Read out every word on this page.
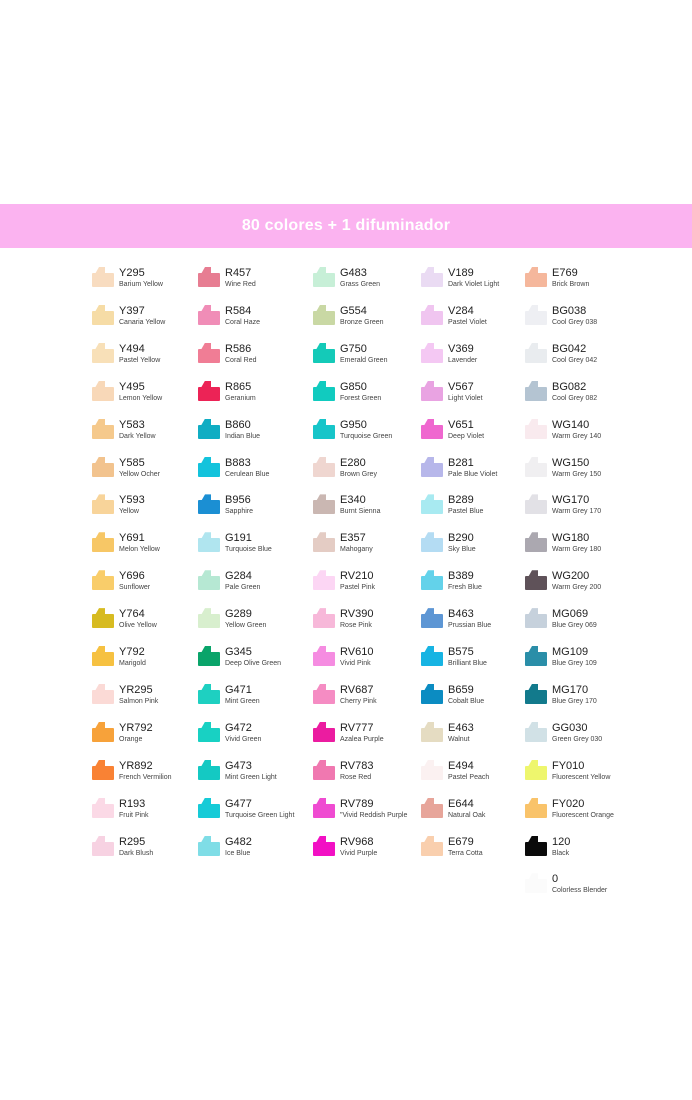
80 colores + 1 difuminador
Y295
Barium Yellow
Y397
Canaria Yellow
Y494
Pastel Yellow
Y495
Lemon Yellow
Y583
Dark Yellow
Y585
Yellow Ocher
Y593
Yellow
Y691
Melon Yellow
Y696
Sunflower
Y764
Olive Yellow
Y792
Marigold
YR295
Salmon Pink
YR792
Orange
YR892
French Vermilion
R193
Fruit Pink
R295
Dark Blush
R457
Wine Red
R584
Coral Haze
R586
Coral Red
R865
Geranium
B860
Indian Blue
B883
Cerulean Blue
B956
Sapphire
G191
Turquoise Blue
G284
Pale Green
G289
Yellow Green
G345
Deep Olive Green
G471
Mint Green
G472
Vivid Green
G473
Mint Green Light
G477
Turquoise Green Light
G482
Ice Blue
G483
Grass Green
G554
Bronze Green
G750
Emerald Green
G850
Forest Green
G950
Turquoise Green
E280
Brown Grey
E340
Burnt Sienna
E357
Mahogany
RV210
Pastel Pink
RV390
Rose Pink
RV610
Vivid Pink
RV687
Cherry Pink
RV777
Azalea Purple
RV783
Rose Red
RV789
"Vivid Reddish Purple
RV968
Vivid Purple
V189
Dark Violet Light
V284
Pastel Violet
V369
Lavender
V567
Light Violet
V651
Deep Violet
B281
Pale Blue Violet
B289
Pastel Blue
B290
Sky Blue
B389
Fresh Blue
B463
Prussian Blue
B575
Brilliant Blue
B659
Cobalt Blue
E463
Walnut
E494
Pastel Peach
E644
Natural Oak
E679
Terra Cotta
E769
Brick Brown
BG038
Cool Grey 038
BG042
Cool Grey 042
BG082
Cool Grey 082
WG140
Warm Grey 140
WG150
Warm Grey 150
WG170
Warm Grey 170
WG180
Warm Grey 180
WG200
Warm Grey 200
MG069
Blue Grey 069
MG109
Blue Grey 109
MG170
Blue Grey 170
GG030
Green Grey 030
FY010
Fluorescent Yellow
FY020
Fluorescent Orange
120
Black
0
Colorless Blender
